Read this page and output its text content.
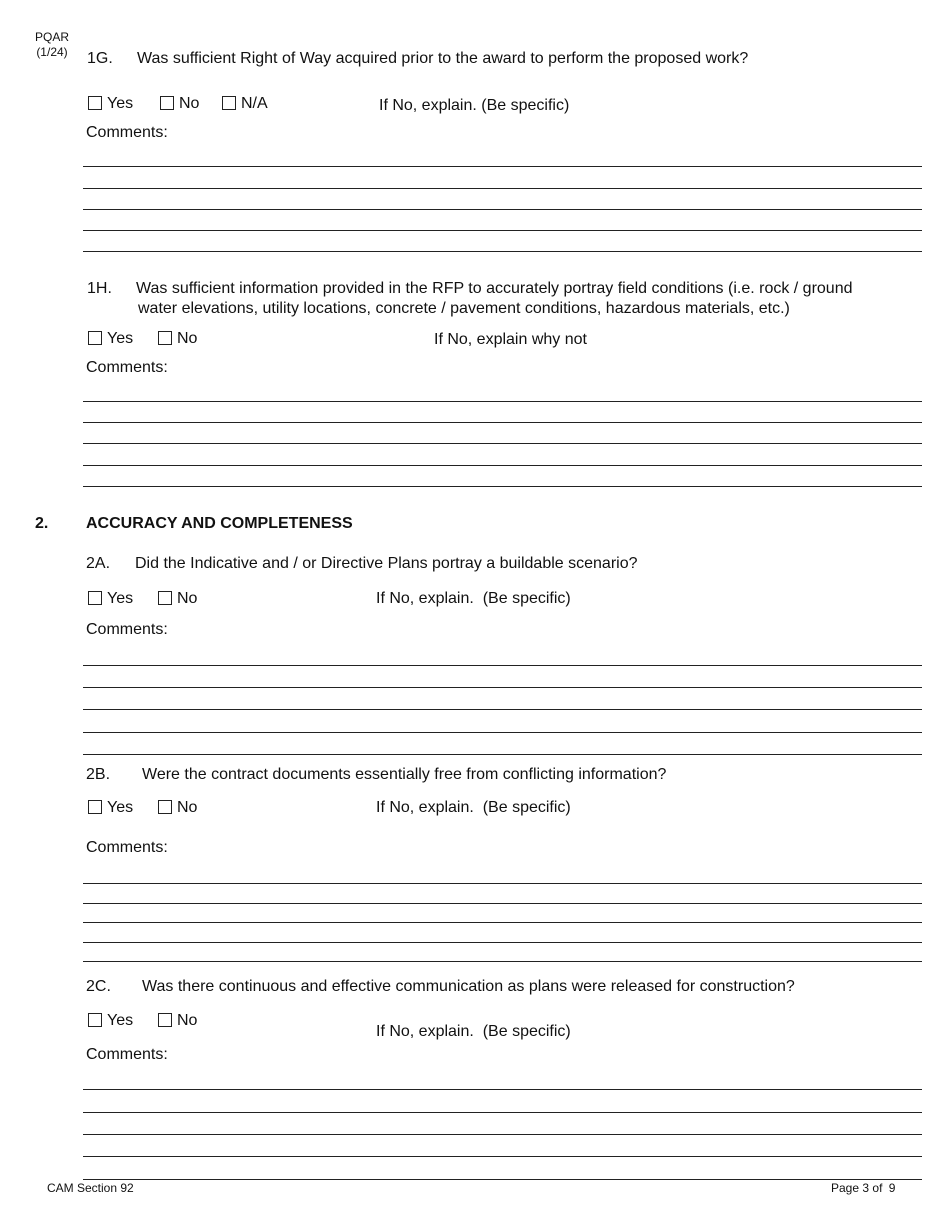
PQAR
(1/24) 1G. Was sufficient Right of Way acquired prior to the award to perform the proposed work?
Yes	No	N/A	If No, explain. (Be specific)
Comments:
1H. Was sufficient information provided in the RFP to accurately portray field conditions (i.e. rock / ground
water elevations, utility locations, concrete / pavement conditions, hazardous materials, etc.)
Yes	No	If No, explain why not
Comments:
2. ACCURACY AND COMPLETENESS
2A. Did the Indicative and / or Directive Plans portray a buildable scenario?
Yes	No	If No, explain.  (Be specific)
Comments:
2B. Were the contract documents essentially free from conflicting information?
Yes	No	If No, explain.  (Be specific)
Comments:
2C. Was there continuous and effective communication as plans were released for construction?
Yes	No
If No, explain.  (Be specific)
Comments:
CAM Section 92	Page 3 of 9
